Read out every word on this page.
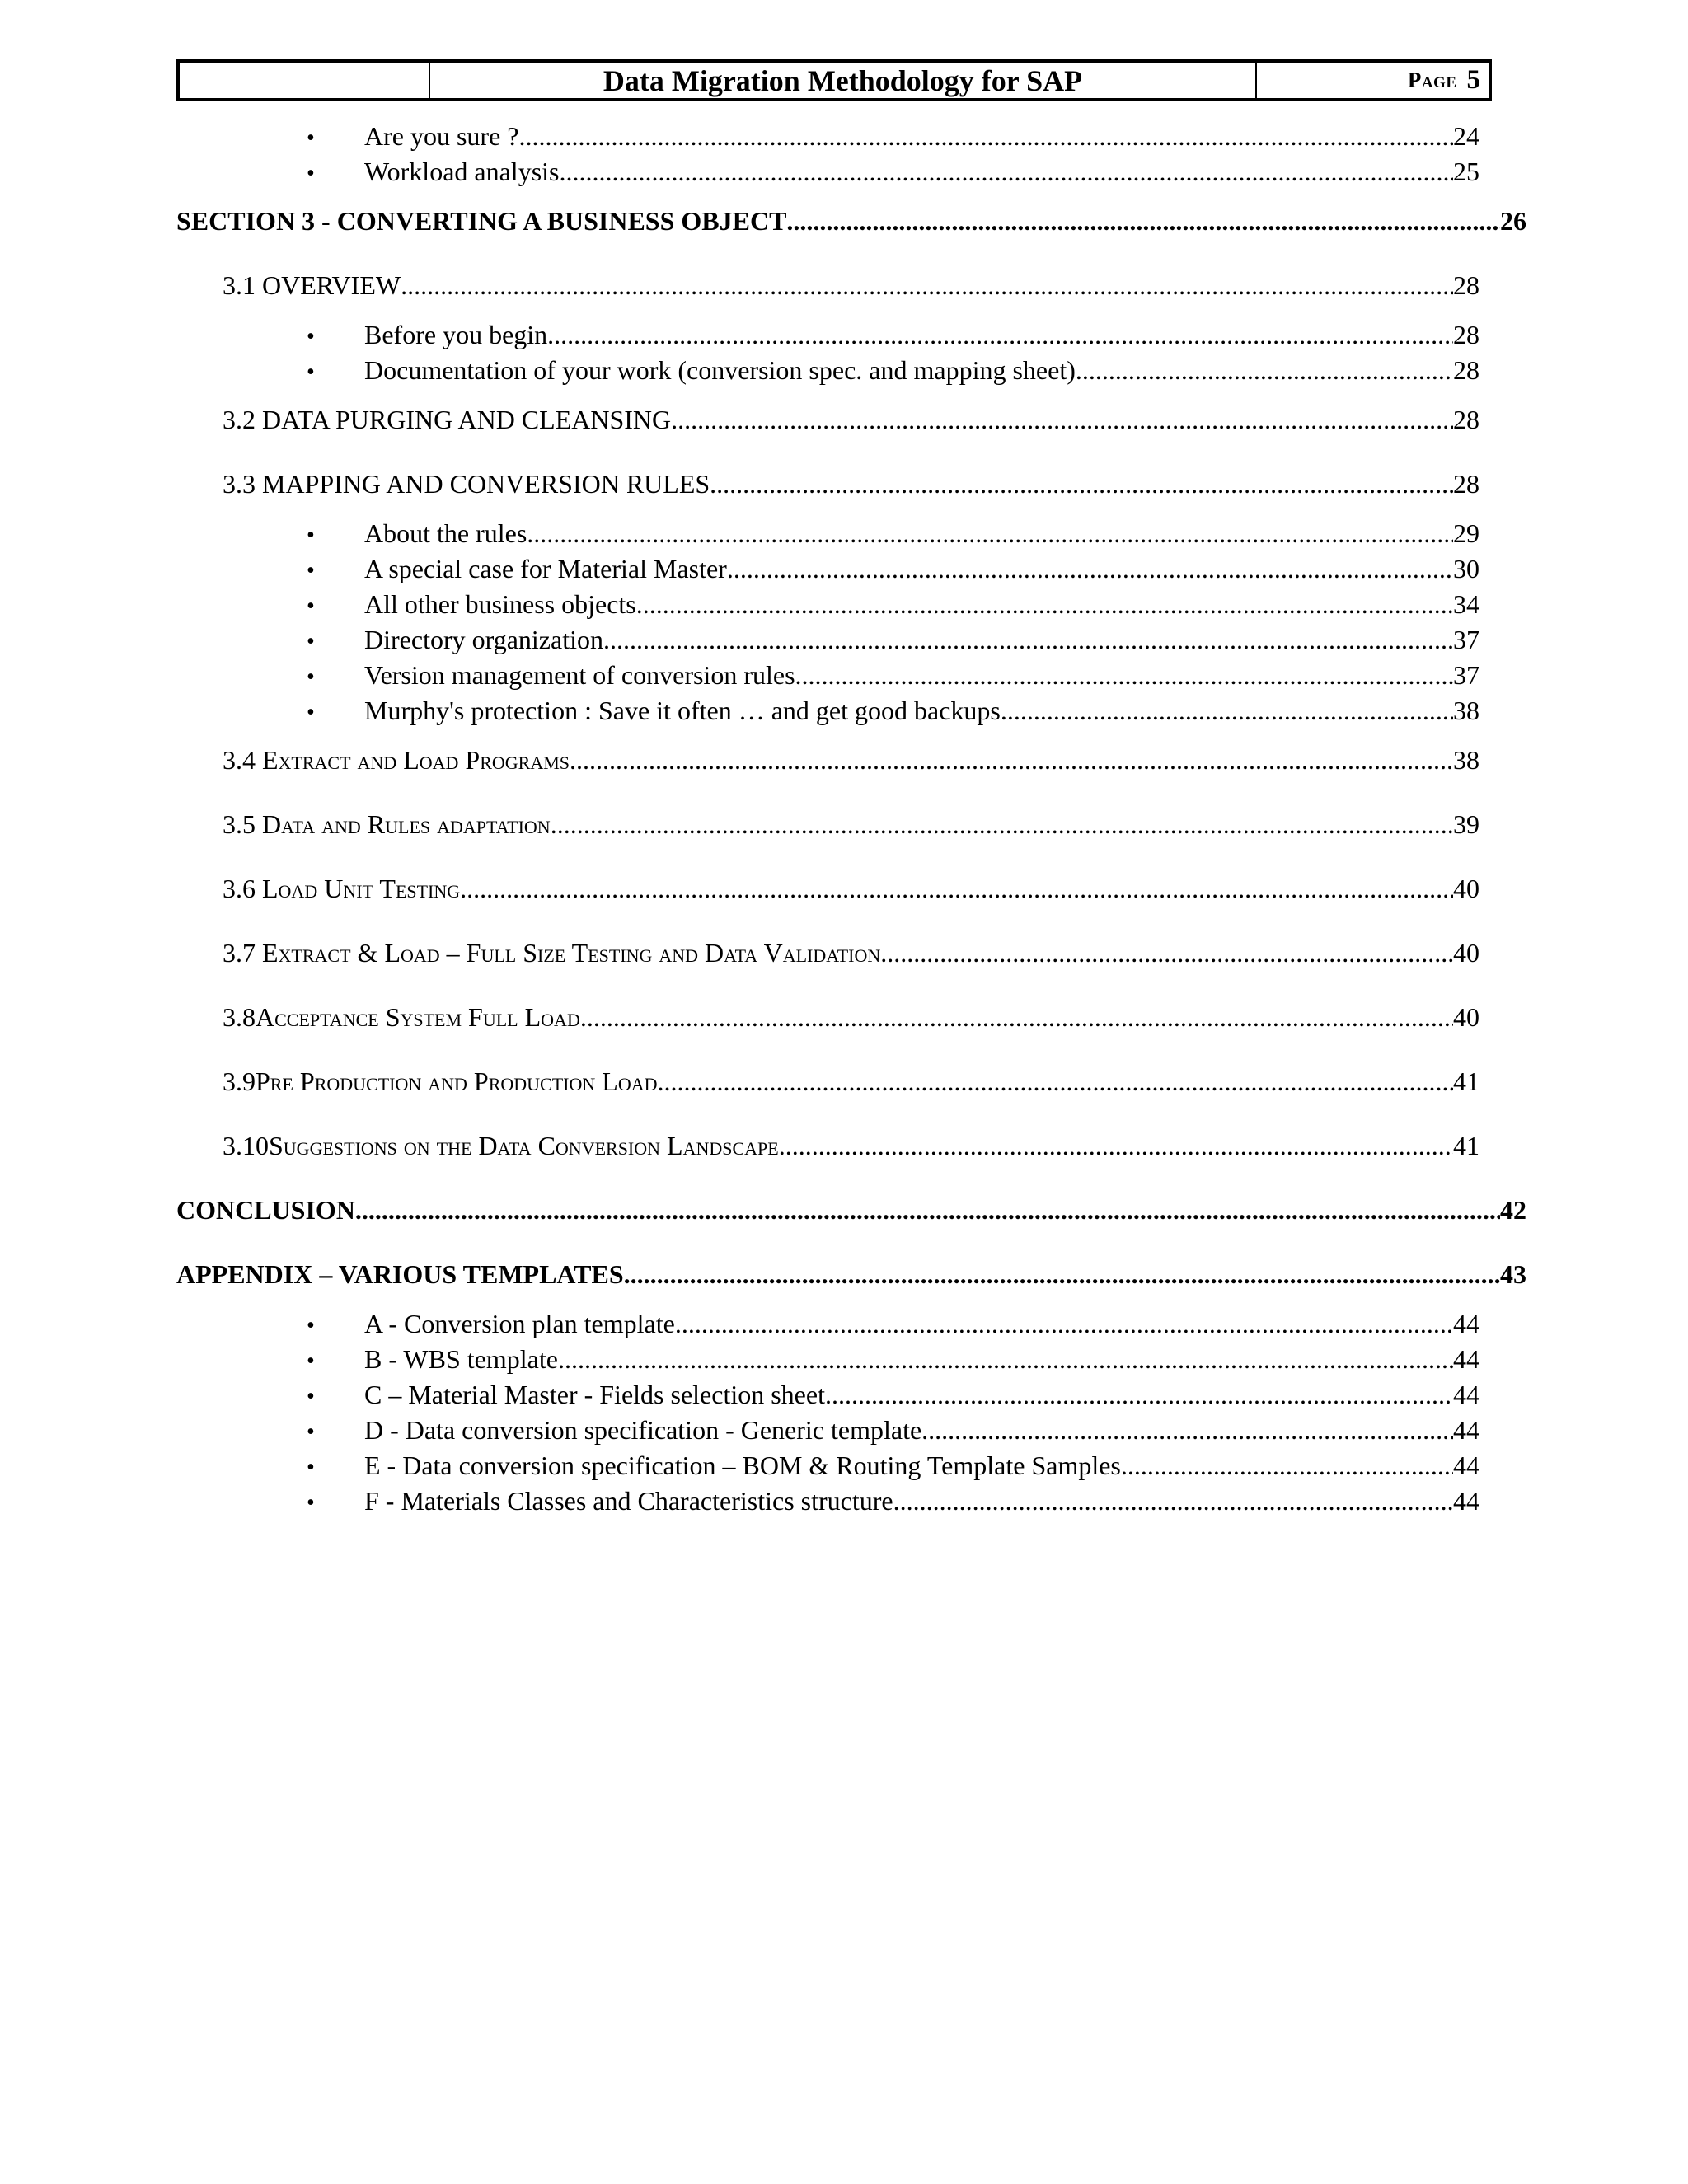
Data Migration Methodology for SAP	Page 5
•	Are you sure ? .....	24
•	Workload analysis .....	25
SECTION 3 - CONVERTING A BUSINESS OBJECT .....	26
3.1 OVERVIEW .....	28
•	Before you begin .....	28
•	Documentation of your work (conversion spec. and mapping sheet) .....	28
3.2 DATA PURGING AND CLEANSING .....	28
3.3 MAPPING AND CONVERSION RULES .....	28
•	About the rules .....	29
•	A special case for Material Master .....	30
•	All other business objects .....	34
•	Directory organization .....	37
•	Version management of conversion rules .....	37
•	Murphy's protection : Save it often … and get good backups .....	38
3.4 Extract and Load Programs .....	38
3.5 Data and Rules adaptation .....	39
3.6 Load Unit Testing .....	40
3.7 Extract & Load – Full Size Testing and Data Validation .....	40
3.8Acceptance System Full Load .....	40
3.9Pre Production and Production Load .....	41
3.10Suggestions on the Data Conversion Landscape .....	41
CONCLUSION .....	42
APPENDIX – VARIOUS TEMPLATES .....	43
•	A - Conversion plan template .....	44
•	B - WBS template .....	44
•	C – Material Master - Fields selection sheet .....	44
•	D - Data conversion specification - Generic template .....	44
•	E - Data conversion specification – BOM & Routing Template Samples .....	44
•	F - Materials Classes and Characteristics structure .....	44
